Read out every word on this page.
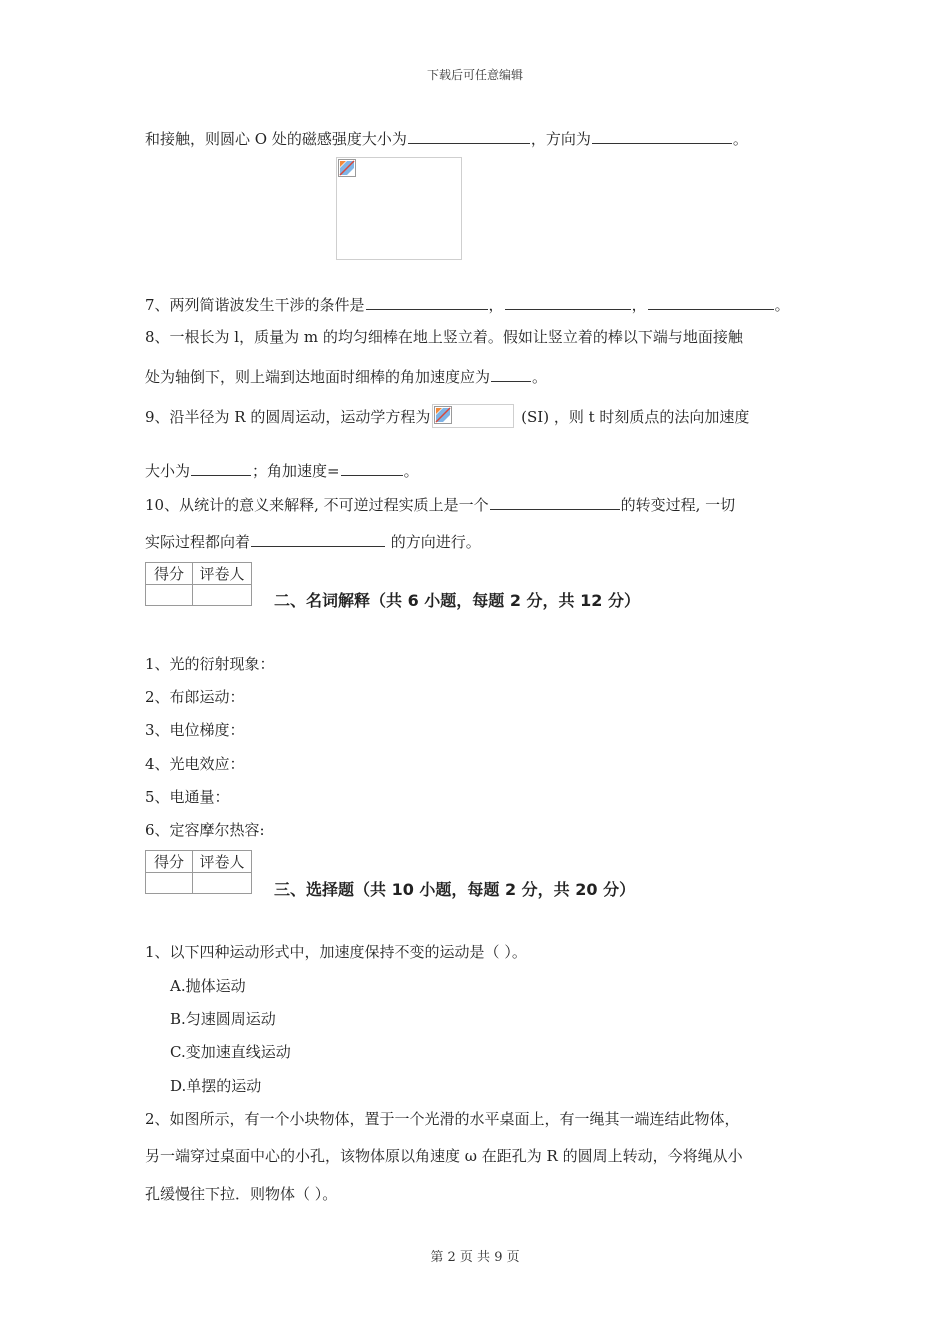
下载后可任意编辑
和接触，则圆心 O 处的磁感强度大小为	，方向为	。
7、两列简谐波发生干涉的条件是	，	，	。
8、一根长为 l，质量为 m 的均匀细棒在地上竖立着。假如让竖立着的棒以下端与地面接触
处为轴倒下，则上端到达地面时细棒的角加速度应为	。
9、沿半径为 R 的圆周运动，运动学方程为	(SI) ，则 t 时刻质点的法向加速度
大小为	；角加速度=	。
10、从统计的意义来解释, 不可逆过程实质上是一个	的转变过程, 一切
实际过程都向着	的方向进行。
得分	评卷人

二、名词解释（共 6 小题，每题 2 分，共 12 分）
1、光的衍射现象：
2、布郎运动：
3、电位梯度：
4、光电效应：
5、电通量：
6、定容摩尔热容:
得分	评卷人

三、选择题（共 10 小题，每题 2 分，共 20 分）
1、以下四种运动形式中，加速度保持不变的运动是（ ）。
A.抛体运动
B.匀速圆周运动
C.变加速直线运动
D.单摆的运动
2、如图所示，有一个小块物体，置于一个光滑的水平桌面上，有一绳其一端连结此物体，
另一端穿过桌面中心的小孔，该物体原以角速度 ω 在距孔为 R 的圆周上转动，今将绳从小
孔缓慢往下拉．则物体（ ）。
第 2 页 共 9 页
